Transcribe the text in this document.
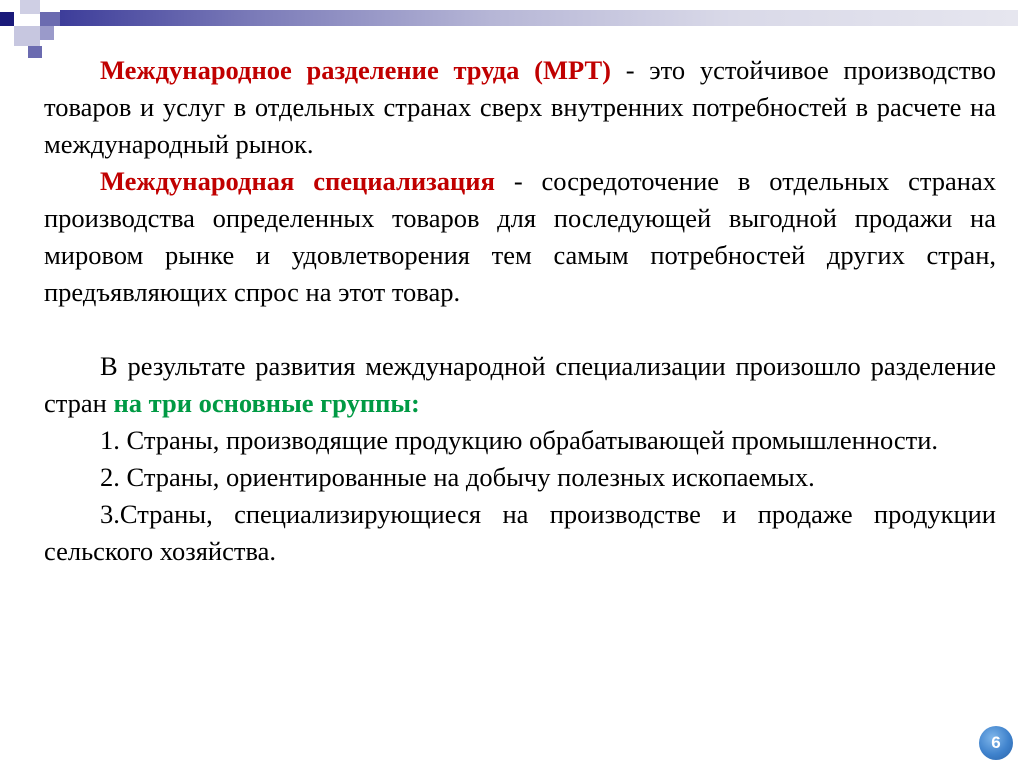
Международное разделение труда (МРТ) - это устойчивое производство товаров и услуг в отдельных странах сверх внутренних потребностей в расчете на международный рынок.

Международная специализация - сосредоточение в отдельных странах производства определенных товаров для последующей выгодной продажи на мировом рынке и удовлетворения тем самым потребностей других стран, предъявляющих спрос на этот товар.

В результате развития международной специализации произошло разделение стран на три основные группы:

1. Страны, производящие продукцию обрабатывающей промышленности.

2. Страны, ориентированные на добычу полезных ископаемых.

3.Страны, специализирующиеся на производстве и продаже продукции сельского хозяйства.

6
